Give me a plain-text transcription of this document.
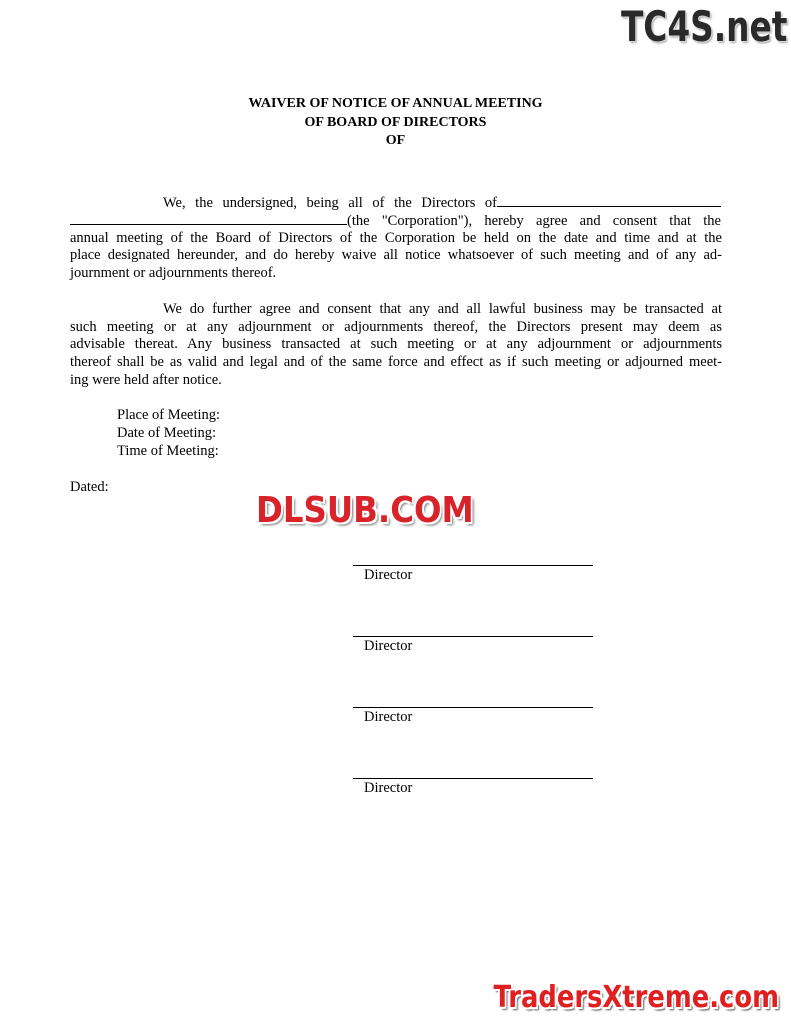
TC4S.net
WAIVER OF NOTICE OF ANNUAL MEETING
OF BOARD OF DIRECTORS
OF
We, the undersigned, being all of the Directors of
(the "Corporation"), hereby agree and consent that the
annual meeting of the Board of Directors of the Corporation be held on the date and time and at the
place designated hereunder, and do hereby waive all notice whatsoever of such meeting and of any ad-
journment or adjournments thereof.
We do further agree and consent that any and all lawful business may be transacted at
such meeting or at any adjournment or adjournments thereof, the Directors present may deem as
advisable thereat. Any business transacted at such meeting or at any adjournment or adjournments
thereof shall be as valid and legal and of the same force and effect as if such meeting or adjourned meet-
ing were held after notice.
Place of Meeting:
Date of Meeting:
Time of Meeting:
Dated:
DLSUB.COM
Director
Director
Director
Director
TradersXtreme.com
